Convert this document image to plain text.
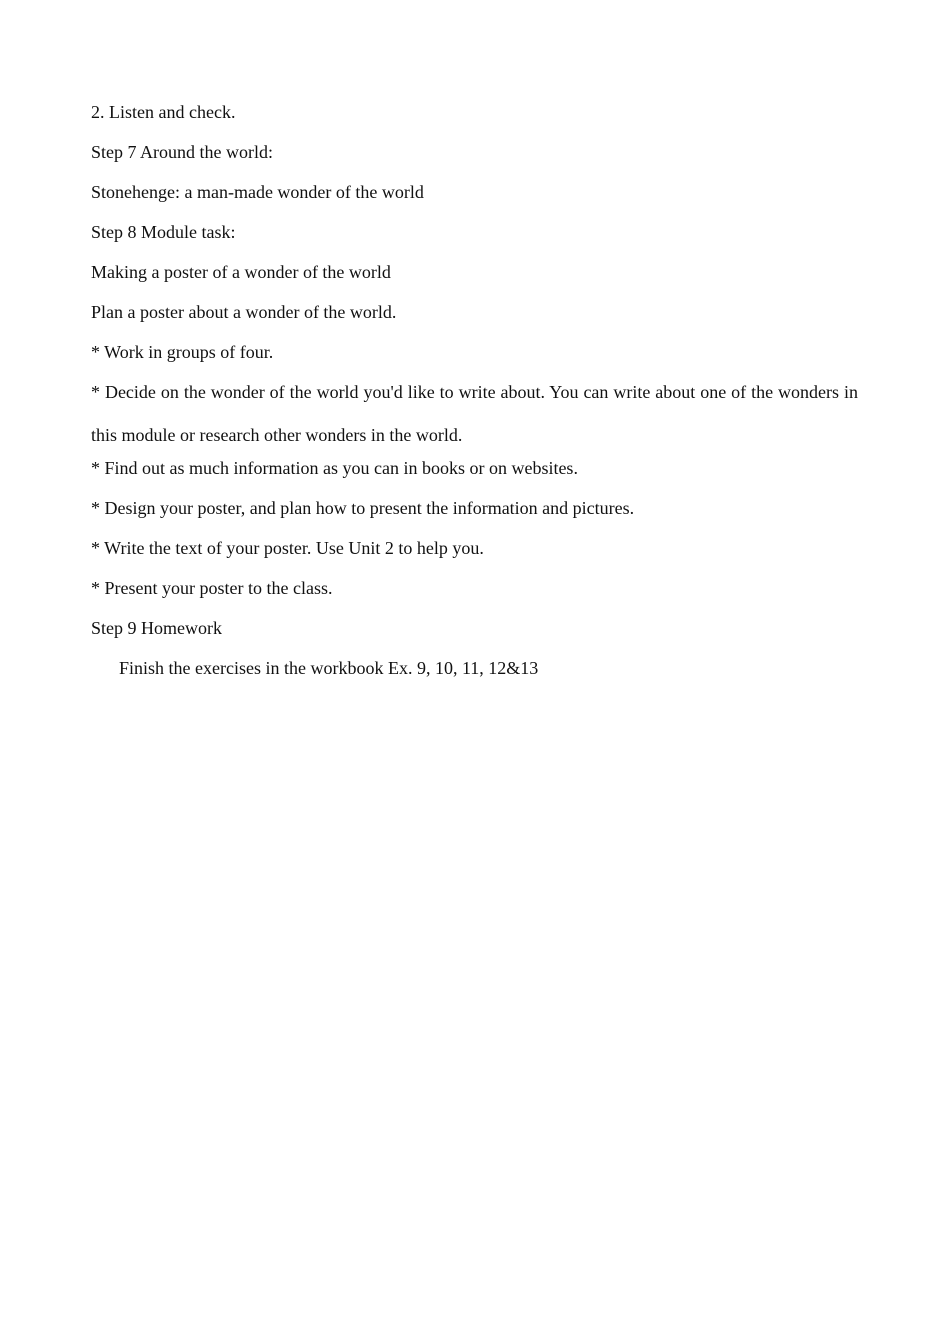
2. Listen and check.
Step 7 Around the world:
Stonehenge: a man-made wonder of the world
Step 8 Module task:
Making a poster of a wonder of the world
Plan a poster about a wonder of the world.
* Work in groups of four.
* Decide on the wonder of the world you'd like to write about. You can write about one of the wonders in this module or research other wonders in the world.
* Find out as much information as you can in books or on websites.
* Design your poster, and plan how to present the information and pictures.
* Write the text of your poster. Use Unit 2 to help you.
* Present your poster to the class.
Step 9 Homework
Finish the exercises in the workbook Ex. 9, 10, 11, 12&13
